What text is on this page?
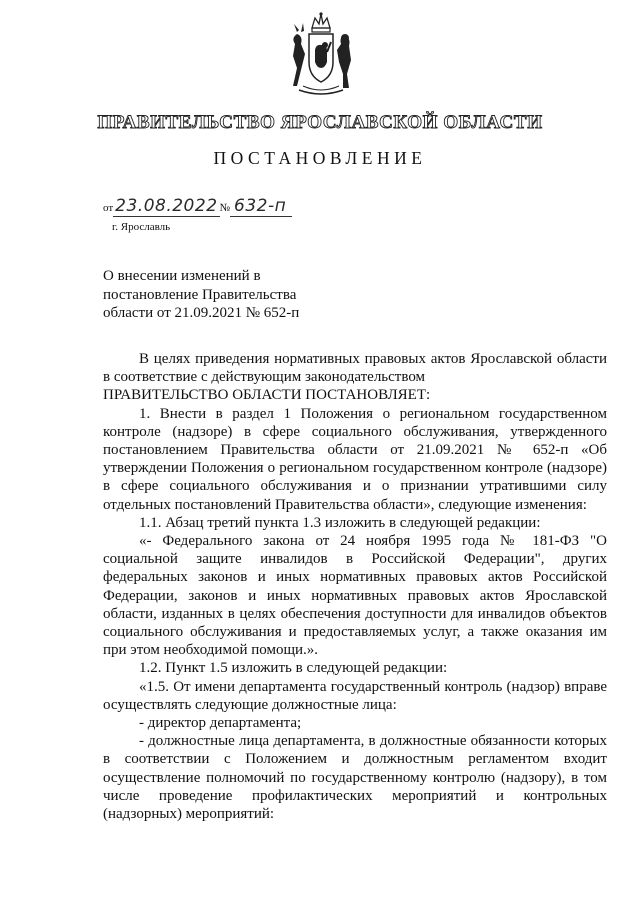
ПРАВИТЕЛЬСТВО ЯРОСЛАВСКОЙ ОБЛАСТИ
ПОСТАНОВЛЕНИЕ
от 23.08.2022 № 632-п
г. Ярославль
О внесении изменений в
постановление Правительства
области от 21.09.2021 № 652-п

В целях приведения нормативных правовых актов Ярославской области в соответствие с действующим законодательством

ПРАВИТЕЛЬСТВО ОБЛАСТИ ПОСТАНОВЛЯЕТ:

1. Внести в раздел 1 Положения о региональном государственном контроле (надзоре) в сфере социального обслуживания, утвержденного постановлением Правительства области от 21.09.2021 № 652-п «Об утверждении Положения о региональном государственном контроле (надзоре) в сфере социального обслуживания и о признании утратившими силу отдельных постановлений Правительства области», следующие изменения:

1.1. Абзац третий пункта 1.3 изложить в следующей редакции:

«- Федерального закона от 24 ноября 1995 года № 181-ФЗ "О социальной защите инвалидов в Российской Федерации", других федеральных законов и иных нормативных правовых актов Российской Федерации, законов и иных нормативных правовых актов Ярославской области, изданных в целях обеспечения доступности для инвалидов объектов социального обслуживания и предоставляемых услуг, а также оказания им при этом необходимой помощи.».

1.2. Пункт 1.5 изложить в следующей редакции:

«1.5. От имени департамента государственный контроль (надзор) вправе осуществлять следующие должностные лица:

- директор департамента;

- должностные лица департамента, в должностные обязанности которых в соответствии с Положением и должностным регламентом входит осуществление полномочий по государственному контролю (надзору), в том числе проведение профилактических мероприятий и контрольных (надзорных) мероприятий:
